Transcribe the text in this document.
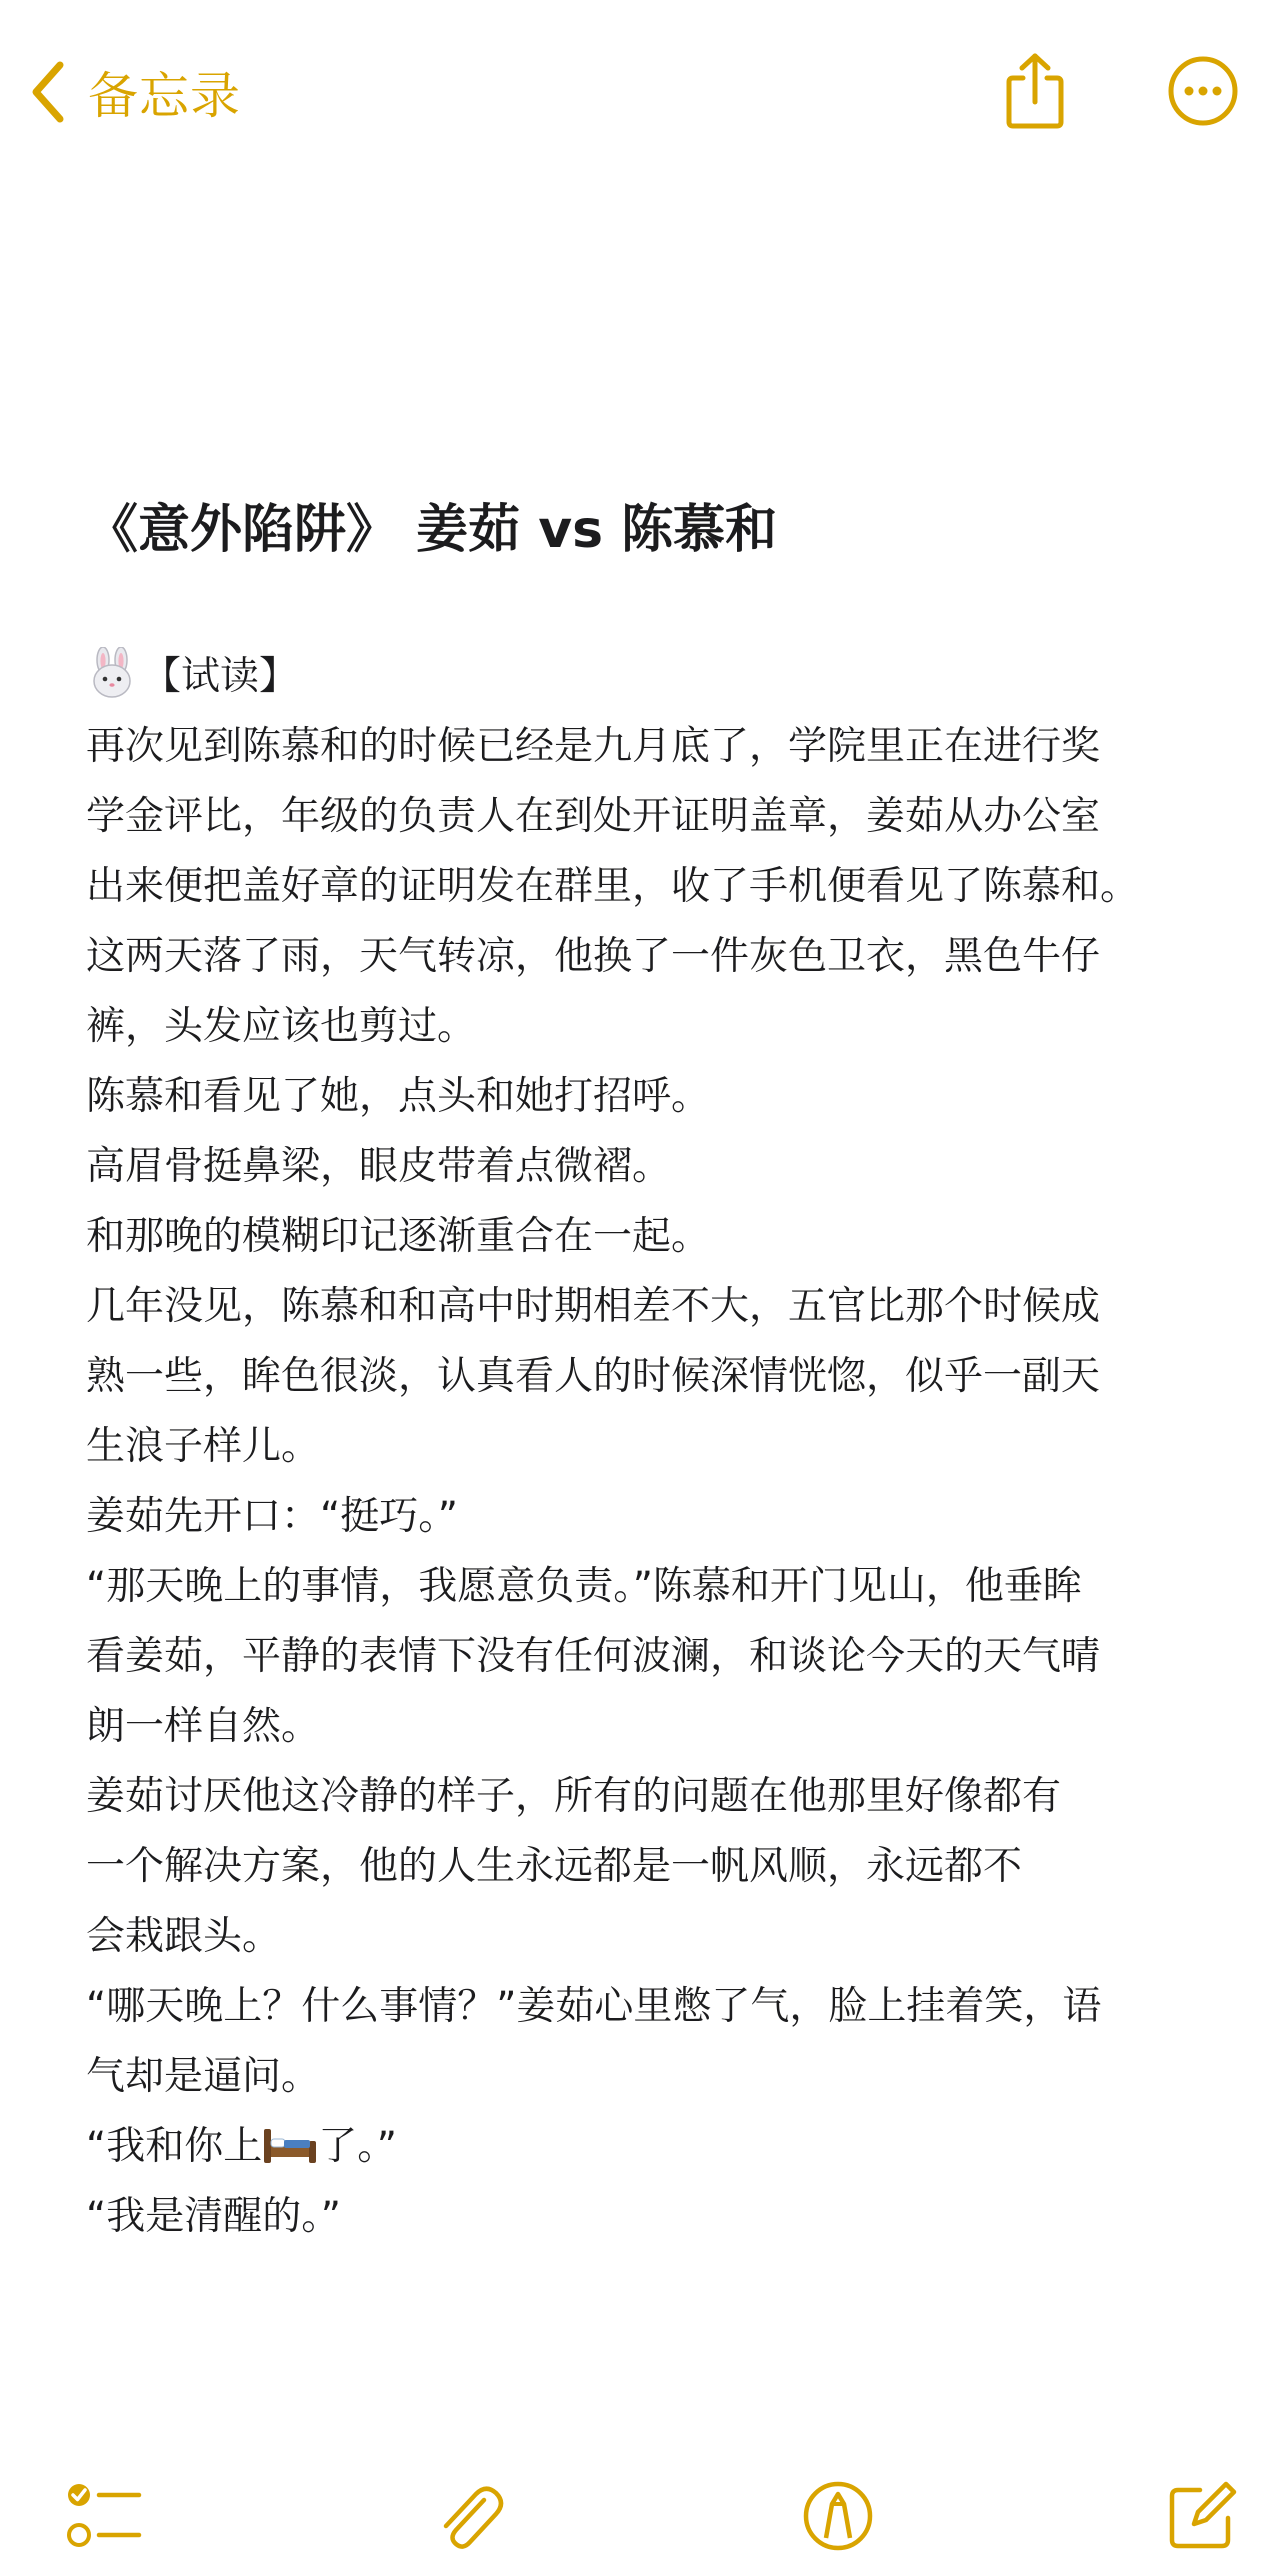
备忘录
《意外陷阱》 姜茹 vs 陈慕和
【试读】
再次见到陈慕和的时候已经是九月底了，学院里正在进行奖
学金评比，年级的负责人在到处开证明盖章，姜茹从办公室
出来便把盖好章的证明发在群里，收了手机便看见了陈慕和。
这两天落了雨，天气转凉，他换了一件灰色卫衣，黑色牛仔
裤，头发应该也剪过。
陈慕和看见了她，点头和她打招呼。
高眉骨挺鼻梁，眼皮带着点微褶。
和那晚的模糊印记逐渐重合在一起。
几年没见，陈慕和和高中时期相差不大，五官比那个时候成
熟一些，眸色很淡，认真看人的时候深情恍惚，似乎一副天
生浪子样儿。
姜茹先开口：“挺巧。”
“那天晚上的事情，我愿意负责。”陈慕和开门见山，他垂眸
看姜茹，平静的表情下没有任何波澜，和谈论今天的天气晴
朗一样自然。
姜茹讨厌他这冷静的样子，所有的问题在他那里好像都有
一个解决方案，他的人生永远都是一帆风顺，永远都不
会栽跟头。
“哪天晚上？什么事情？”姜茹心里憋了气，脸上挂着笑，语
气却是逼问。
“我和你上 了。”
“我是清醒的。”
